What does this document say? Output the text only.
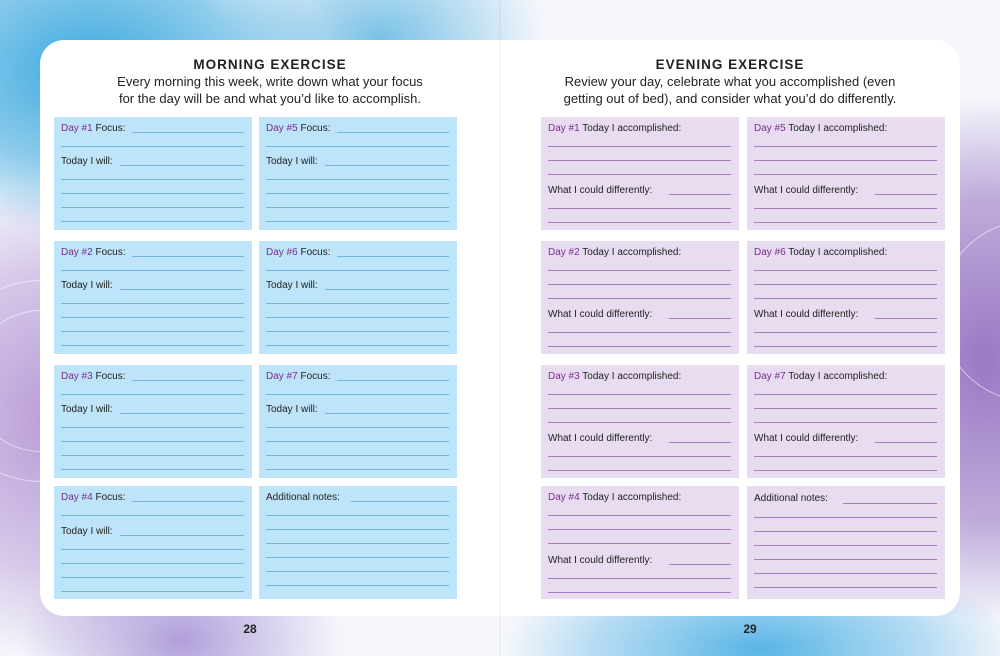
MORNING EXERCISE
Every morning this week, write down what your focus
for the day will be and what you’d like to accomplish.
Day #1 Focus:
Today I will:
Day #5 Focus:
Today I will:
Day #2 Focus:
Today I will:
Day #6 Focus:
Today I will:
Day #3 Focus:
Today I will:
Day #7 Focus:
Today I will:
Day #4 Focus:
Today I will:
Additional notes:
28
EVENING EXERCISE
Review your day, celebrate what you accomplished (even
getting out of bed), and consider what you’d do differently.
Day #1 Today I accomplished:
What I could differently:
Day #5 Today I accomplished:
What I could differently:
Day #2 Today I accomplished:
What I could differently:
Day #6 Today I accomplished:
What I could differently:
Day #3 Today I accomplished:
What I could differently:
Day #7 Today I accomplished:
What I could differently:
Day #4 Today I accomplished:
What I could differently:
Additional notes:
29
